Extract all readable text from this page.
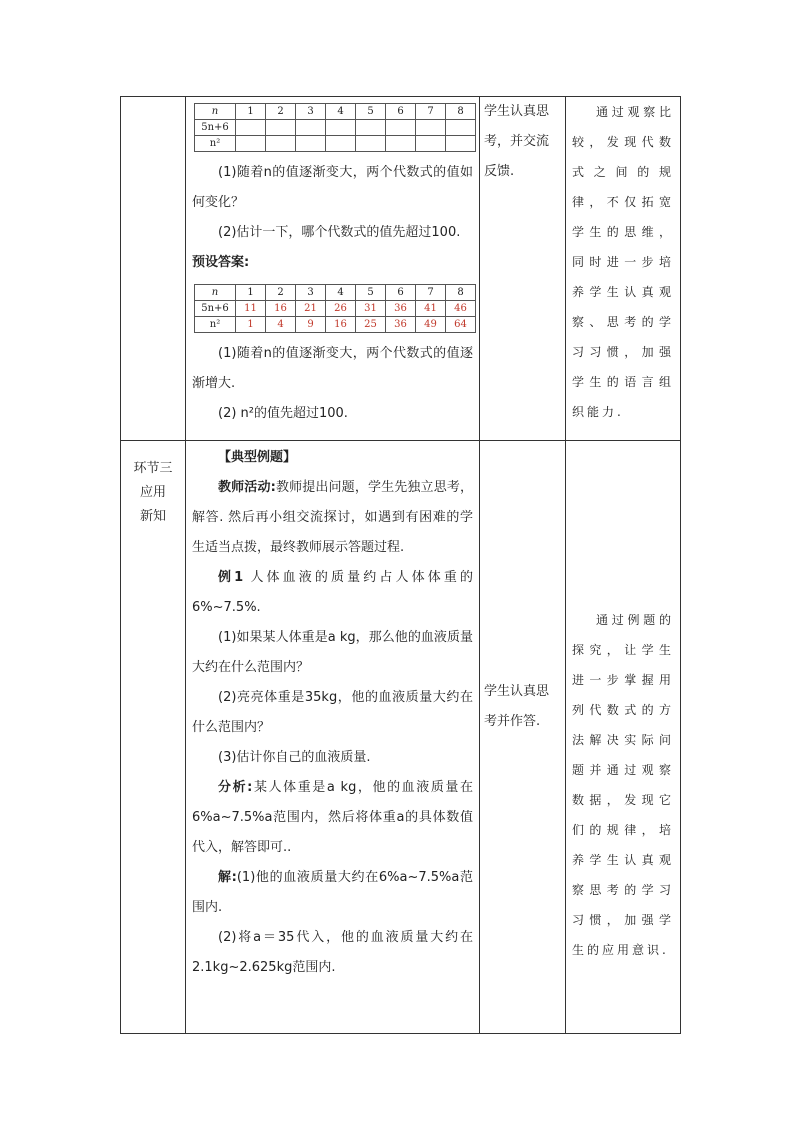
n	1	2	3	4	5	6	7	8
5n+6								
n²								

(1)随着n的值逐渐变大，两个代数式的值如何变化？

(2)估计一下，哪个代数式的值先超过100.

预设答案:

n	1	2	3	4	5	6	7	8
5n+6	11	16	21	26	31	36	41	46
n²	1	4	9	16	25	36	49	64

(1)随着n的值逐渐变大，两个代数式的值逐渐增大.

(2) n²的值先超过100.

学生认真思考，并交流反馈.

通过观察比较，发现代数式之间的规律，不仅拓宽学生的思维，同时进一步培养学生认真观察、思考的学习习惯，加强学生的语言组织能力.

环节三
应用
新知

【典型例题】

教师活动:教师提出问题，学生先独立思考，解答. 然后再小组交流探讨，如遇到有困难的学生适当点拨，最终教师展示答题过程.

例1 人体血液的质量约占人体体重的6%~7.5%.

(1)如果某人体重是a kg，那么他的血液质量大约在什么范围内？

(2)亮亮体重是35kg，他的血液质量大约在什么范围内？

(3)估计你自己的血液质量.

分析:某人体重是a kg，他的血液质量在6%a~7.5%a范围内，然后将体重a的具体数值代入，解答即可..

解:(1)他的血液质量大约在6%a~7.5%a范围内.

(2)将a＝35代入，他的血液质量大约在2.1kg~2.625kg范围内.

学生认真思考并作答.

通过例题的探究，让学生进一步掌握用列代数式的方法解决实际问题并通过观察数据，发现它们的规律，培养学生认真观察思考的学习习惯，加强学生的应用意识.
